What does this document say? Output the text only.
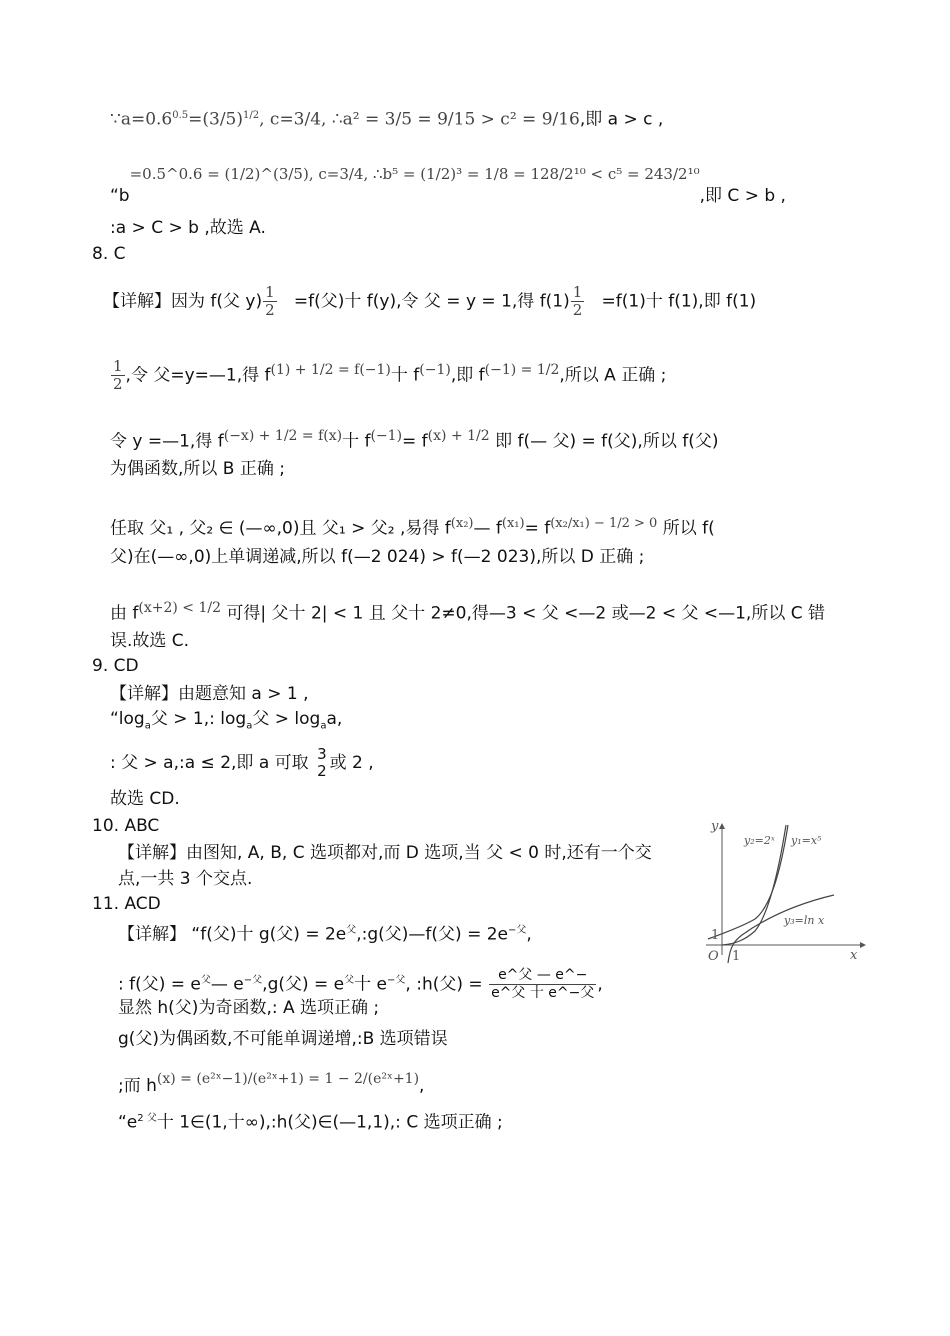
$\because a=0.6^{0.5}=(3/5)^{1/2}$, c=3/4, ∴a² = 3/5 = 9/15 > c² = 9/16,即 a > c ,
“b=0.5^0.6 = (1/2)^(3/5), c=3/4, ∴b⁵ = (1/2)³ = 1/8 = 128/2¹⁰ < c⁵ = 243/2¹⁰,即 C > b ,
:a > C > b ,故选 A.
8. C
【详解】因为 f(父 $y) \frac{1}{2} =f$(父)十 f(y),令 父 = y = 1,得 $f(1) \frac{1}{2} =f(1)$十 f(1),即 f(1)
$\frac{1}{2}$ ,令 父=y=—1,得 $f^{(1) + 1/2 = f(-1)}$十 $f^{(-1)}$,即 $f^{(-1) = 1/2}$,所以 A 正确 ;
令 y =—1,得 $f^{(-x) + 1/2 = f(x)}$十 $f^{(-1)}= f^{(x) + 1/2}$ 即 f(— 父) = f(父),所以 f(父)
为偶函数,所以 B 正确 ;
任取 父₁ , 父₂ ∈ (—∞,0)且 父₁ > 父₂ ,易得 $f^{(x_2)}—$ $f^{(x_1)}= f^{(x_2/x_1) - 1/2 > 0}$ 所以 f(
父)在(—∞,0)上单调递减,所以 f(—2 024) > f(—2 023),所以 D 正确 ;
由 $f^{(x+2) < 1/2}$ 可得| 父十 2| < 1 且 父十 2≠0,得—3 < 父 <—2 或—2 < 父 <—1,所以 C 错
误.故选 C.
9. CD
【详解】由题意知 a > 1 ,
“$\log_a$父 > 1,: $\log_a$父 > $\log_aa$,
: 父 > a,:a ≤ 2,即 a 可取 3
2 或 2 ,
故选 CD.
10. ABC
【详解】由图知, A, B, C 选项都对,而 D 选项,当 父 < 0 时,还有一个交
点,一共 3 个交点.
y
x
O 1
1
y₂=2ˣ y₁=x⁵
y₃=ln x
11. ACD
【详解】 “f(父)十 g(父) = $2e^父,:g$(父)—f(父) = $2e^{-父}$,
: f(父) = $e^父—$ $e^{-父},g$(父) = $e^父$十 $e^{-父}$, :h(父) = $\frac{\text{e\textasciicircum{}父 — e\textasciicircum{}−}}{\text{e\textasciicircum{}父 十 e\textasciicircum{}−父}}$ ,
显然 h(父)为奇函数,: A 选项正确 ;
g(父)为偶函数,不可能单调递增,:B 选项错误
;而 $h^{(x) = (e^2ˣ-1)/(e^2ˣ+1) = 1 - 2/(e^2ˣ+1)}$,
“$e^{2 父}$十 1∈(1,十∞),:h(父)∈(—1,1),: C 选项正确 ;
